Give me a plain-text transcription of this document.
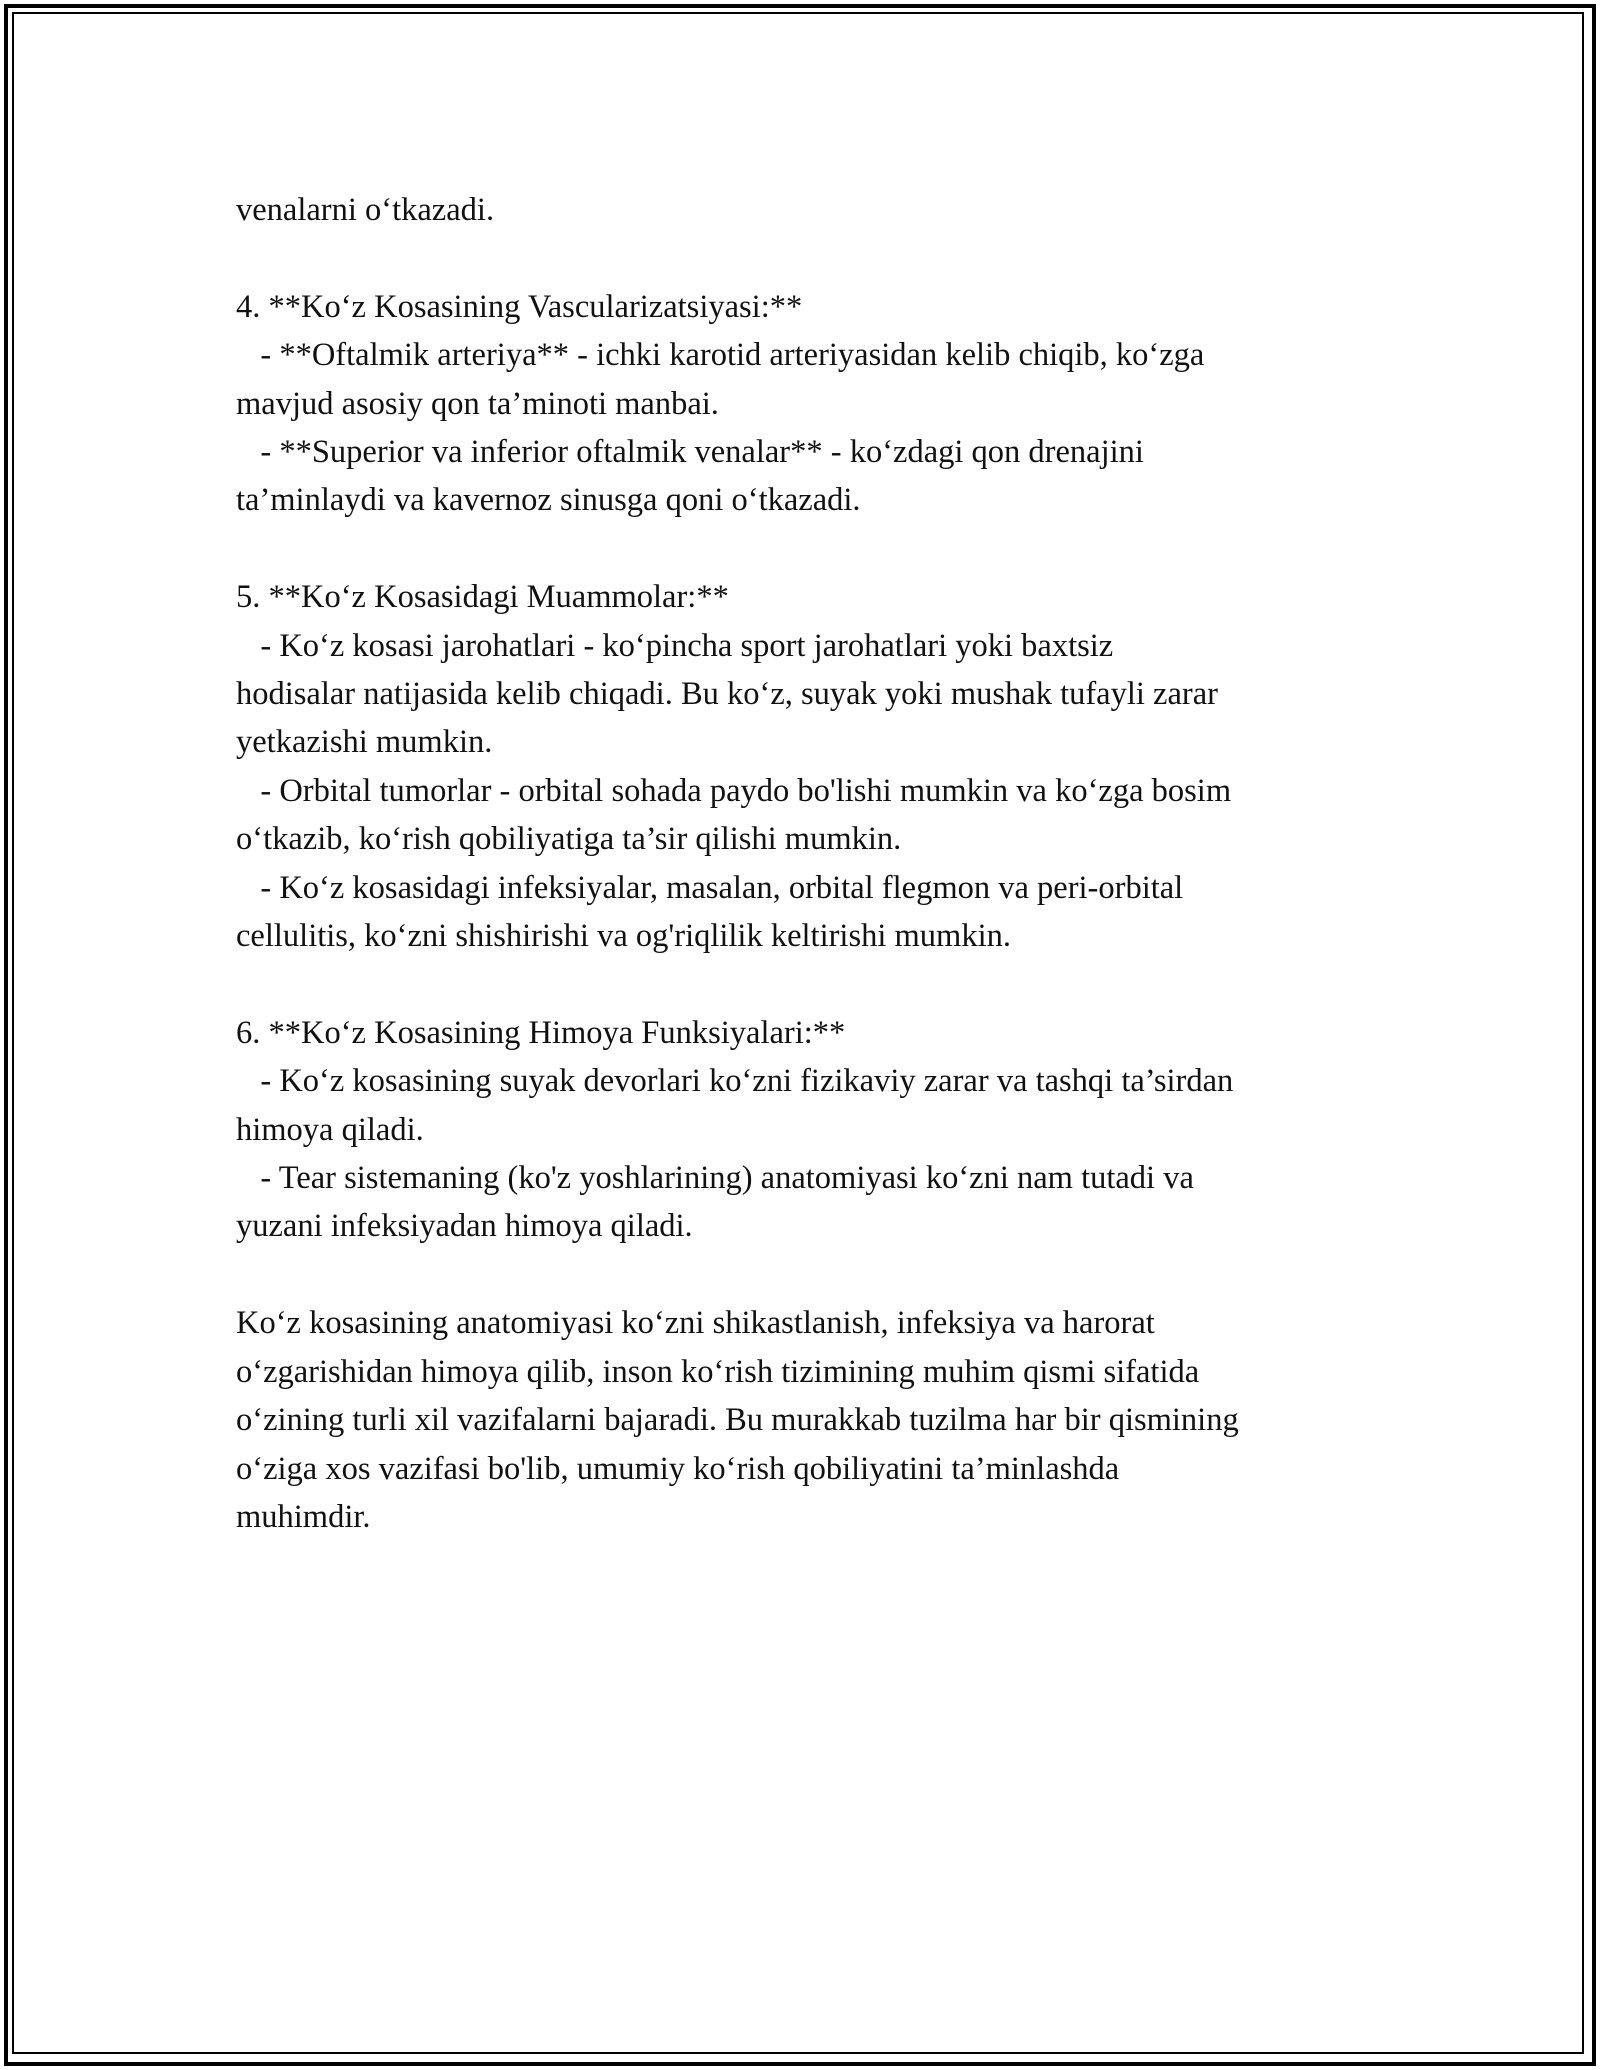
venalarni o‘tkazadi.
4. **Ko‘z Kosasining Vascularizatsiyasi:**
- **Oftalmik arteriya** - ichki karotid arteriyasidan kelib chiqib, ko‘zga
mavjud asosiy qon ta’minoti manbai.
- **Superior va inferior oftalmik venalar** - ko‘zdagi qon drenajini
ta’minlaydi va kavernoz sinusga qoni o‘tkazadi.
5. **Ko‘z Kosasidagi Muammolar:**
- Ko‘z kosasi jarohatlari - ko‘pincha sport jarohatlari yoki baxtsiz
hodisalar natijasida kelib chiqadi. Bu ko‘z, suyak yoki mushak tufayli zarar
yetkazishi mumkin.
- Orbital tumorlar - orbital sohada paydo bo'lishi mumkin va ko‘zga bosim
o‘tkazib, ko‘rish qobiliyatiga ta’sir qilishi mumkin.
- Ko‘z kosasidagi infeksiyalar, masalan, orbital flegmon va peri-orbital
cellulitis, ko‘zni shishirishi va og'riqlilik keltirishi mumkin.
6. **Ko‘z Kosasining Himoya Funksiyalari:**
- Ko‘z kosasining suyak devorlari ko‘zni fizikaviy zarar va tashqi ta’sirdan
himoya qiladi.
- Tear sistemaning (ko'z yoshlarining) anatomiyasi ko‘zni nam tutadi va
yuzani infeksiyadan himoya qiladi.
Ko‘z kosasining anatomiyasi ko‘zni shikastlanish, infeksiya va harorat
o‘zgarishidan himoya qilib, inson ko‘rish tizimining muhim qismi sifatida
o‘zining turli xil vazifalarni bajaradi. Bu murakkab tuzilma har bir qismining
o‘ziga xos vazifasi bo'lib, umumiy ko‘rish qobiliyatini ta’minlashda
muhimdir.
